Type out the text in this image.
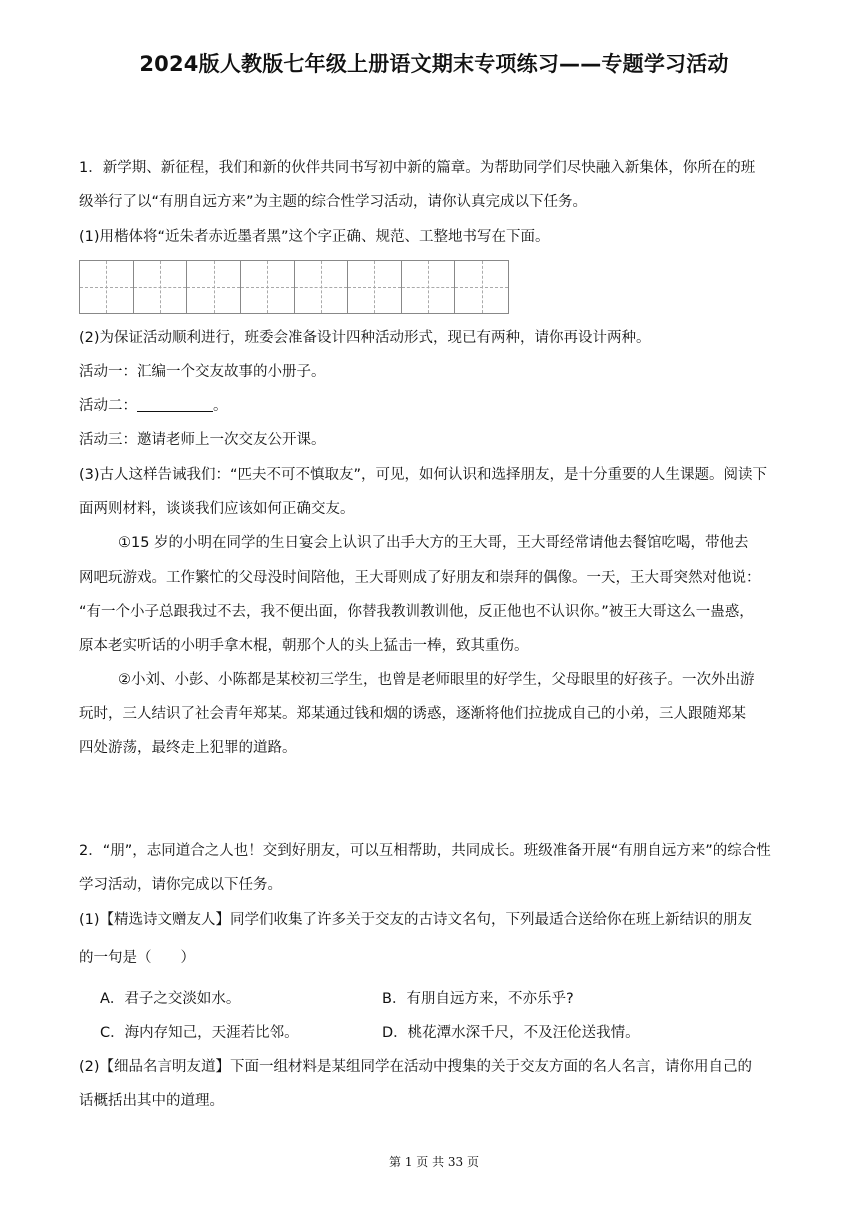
2024版人教版七年级上册语文期末专项练习——专题学习活动
1．新学期、新征程，我们和新的伙伴共同书写初中新的篇章。为帮助同学们尽快融入新集体，你所在的班
级举行了以“有朋自远方来”为主题的综合性学习活动，请你认真完成以下任务。
(1)用楷体将“近朱者赤近墨者黑”这个字正确、规范、工整地书写在下面。
(2)为保证活动顺利进行，班委会准备设计四种活动形式，现已有两种，请你再设计两种。
活动一：汇编一个交友故事的小册子。
活动二：	。
活动三：邀请老师上一次交友公开课。
(3)古人这样告诫我们：“匹夫不可不慎取友”，可见，如何认识和选择朋友，是十分重要的人生课题。阅读下
面两则材料，谈谈我们应该如何正确交友。
①15 岁的小明在同学的生日宴会上认识了出手大方的王大哥，王大哥经常请他去餐馆吃喝，带他去
网吧玩游戏。工作繁忙的父母没时间陪他，王大哥则成了好朋友和崇拜的偶像。一天，王大哥突然对他说：
“有一个小子总跟我过不去，我不便出面，你替我教训教训他，反正他也不认识你。”被王大哥这么一蛊惑，
原本老实听话的小明手拿木棍，朝那个人的头上猛击一棒，致其重伤。
②小刘、小彭、小陈都是某校初三学生，也曾是老师眼里的好学生，父母眼里的好孩子。一次外出游
玩时，三人结识了社会青年郑某。郑某通过钱和烟的诱惑，逐渐将他们拉拢成自己的小弟，三人跟随郑某
四处游荡，最终走上犯罪的道路。
2．“朋”，志同道合之人也！交到好朋友，可以互相帮助，共同成长。班级准备开展“有朋自远方来”的综合性
学习活动，请你完成以下任务。
(1)【精选诗文赠友人】同学们收集了许多关于交友的古诗文名句，下列最适合送给你在班上新结识的朋友
的一句是（　　）
A．君子之交淡如水。	B．有朋自远方来，不亦乐乎?
C．海内存知己，天涯若比邻。	D．桃花潭水深千尺，不及汪伦送我情。
(2)【细品名言明友道】下面一组材料是某组同学在活动中搜集的关于交友方面的名人名言，请你用自己的
话概括出其中的道理。
第 1 页 共 33 页
